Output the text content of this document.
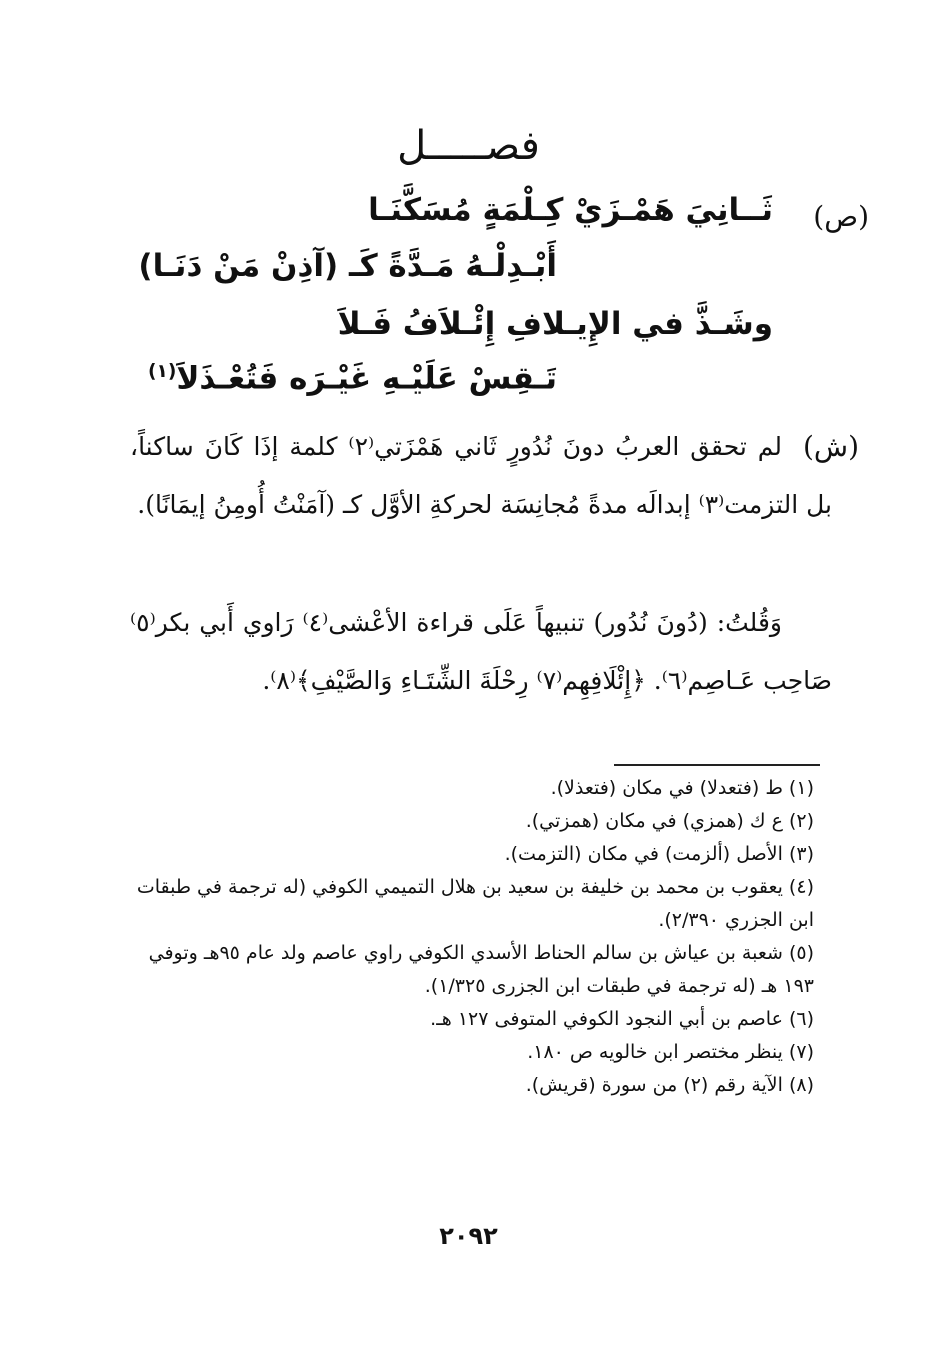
فصـــــل
(ص)
ثَــانِيَ هَمْـزَيْ كِـلْمَةٍ مُسَكَّنَـا
أَبْـدِلْـهُ مَـدَّةً كَـ (آذِنْ مَنْ دَنَـا)
وشَـذَّ في الإِيـلافِ إِئْـلاَفُ فَـلاَ
تَـقِسْ عَلَيْـهِ غَيْـرَه فَتُعْـذَلاَ$^{(١)}$
(ش)
لم تحقق العربُ دونَ نُدُورٍ ثَاني هَمْزَتي⁽٢⁾ كلمة إذَا كَانَ ساكناً، بل التزمت⁽٣⁾ إبدالَه مدةً مُجانِسَة لحركةِ الأوَّل كـ (آمَنْتُ أُومِنُ إيمَانًا).
وَقُلتُ: (دُونَ نُدُور) تنبيهاً عَلَى قراءة الأعْشى⁽٤⁾ رَاوي أَبي بكر⁽٥⁾ صَاحِب عَـاصِم⁽٦⁾. ﴿إِئْلَافِهِم⁽٧⁾ رِحْلَةَ الشِّتَـاءِ وَالصَّيْفِ﴾⁽٨⁾.

(١) ط (فتعدلا) في مكان (فتعذلا).

(٢) ع ك (همزي) في مكان (همزتي).

(٣) الأصل (ألزمت) في مكان (التزمت).

(٤) يعقوب بن محمد بن خليفة بن سعيد بن هلال التميمي الكوفي (له ترجمة في طبقات ابن الجزري ٢/٣٩٠).

(٥) شعبة بن عياش بن سالم الحناط الأسدي الكوفي راوي عاصم ولد عام ٩٥هـ وتوفي ١٩٣ هـ (له ترجمة في طبقات ابن الجزرى ١/٣٢٥).

(٦) عاصم بن أبي النجود الكوفي المتوفى ١٢٧ هـ.

(٧) ينظر مختصر ابن خالويه ص ١٨٠.

(٨) الآية رقم (٢) من سورة (قريش).

٢٠٩٢
